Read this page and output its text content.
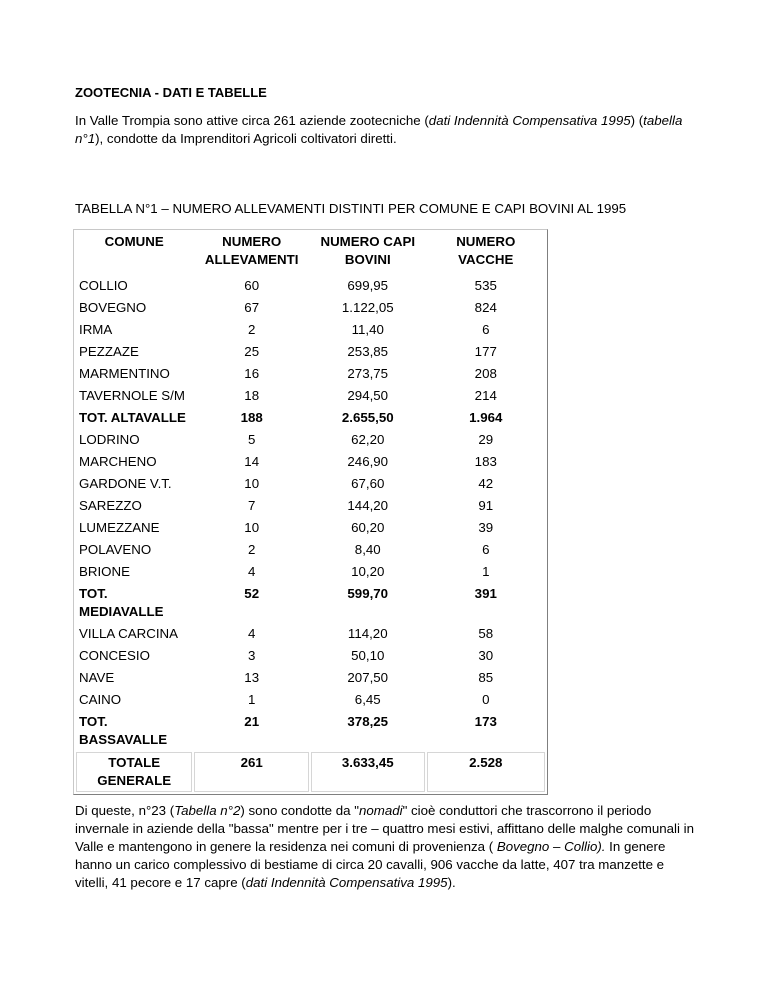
ZOOTECNIA - DATI E TABELLE
In Valle Trompia sono attive circa 261 aziende zootecniche (dati Indennità Compensativa 1995) (tabella n°1), condotte da Imprenditori Agricoli coltivatori diretti.
TABELLA N°1 – NUMERO ALLEVAMENTI DISTINTI PER COMUNE E CAPI BOVINI AL 1995
COMUNE	NUMERO ALLEVAMENTI	NUMERO CAPI BOVINI	NUMERO VACCHE
COLLIO	60	699,95	535
BOVEGNO	67	1.122,05	824
IRMA	2	11,40	6
PEZZAZE	25	253,85	177
MARMENTINO	16	273,75	208
TAVERNOLE S/M	18	294,50	214
TOT. ALTAVALLE	188	2.655,50	1.964
LODRINO	5	62,20	29
MARCHENO	14	246,90	183
GARDONE V.T.	10	67,60	42
SAREZZO	7	144,20	91
LUMEZZANE	10	60,20	39
POLAVENO	2	8,40	6
BRIONE	4	10,20	1
TOT. MEDIAVALLE	52	599,70	391
VILLA CARCINA	4	114,20	58
CONCESIO	3	50,10	30
NAVE	13	207,50	85
CAINO	1	6,45	0
TOT. BASSAVALLE	21	378,25	173
TOTALE GENERALE	261	3.633,45	2.528
Di queste, n°23 (Tabella n°2) sono condotte da "nomadi" cioè conduttori che trascorrono il periodo invernale in aziende della "bassa" mentre per i tre – quattro mesi estivi, affittano delle malghe comunali in Valle e mantengono in genere la residenza nei comuni di provenienza ( Bovegno – Collio). In genere hanno un carico complessivo di bestiame di circa 20 cavalli, 906 vacche da latte, 407 tra manzette e vitelli, 41 pecore e 17 capre (dati Indennità Compensativa 1995).
